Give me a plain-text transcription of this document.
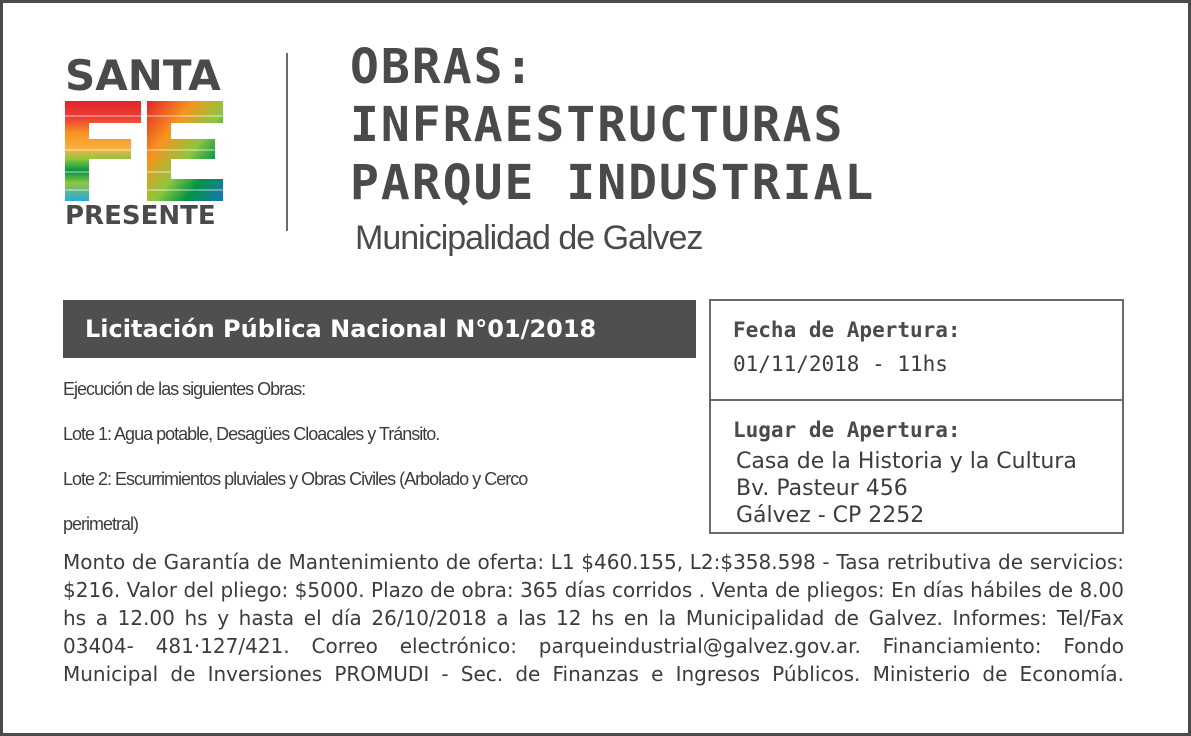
SANTA
PRESENTE
OBRAS:
INFRAESTRUCTURAS
PARQUE INDUSTRIAL
Municipalidad de Galvez
Licitación Pública Nacional N°01/2018
Ejecución de las siguientes Obras:
Lote 1: Agua potable, Desagües Cloacales y Tránsito.
Lote 2: Escurrimientos pluviales y Obras Civiles (Arbolado y Cerco
perimetral)
Fecha de Apertura:
01/11/2018 - 11hs
Lugar de Apertura:
Casa de la Historia y la Cultura
Bv. Pasteur 456
Gálvez - CP 2252
Monto de Garantía de Mantenimiento de oferta: L1 $460.155, L2:$358.598 - Tasa retributiva de servicios: $216. Valor del pliego: $5000. Plazo de obra: 365 días corridos . Venta de pliegos: En días hábiles de 8.00 hs a 12.00 hs y hasta el día 26/10/2018 a las 12 hs en la Municipalidad de Galvez. Informes: Tel/Fax 03404- 481·127/421. Correo electrónico: parqueindustrial@galvez.gov.ar. Financiamiento: Fondo Municipal de Inversiones PROMUDI - Sec. de Finanzas e Ingresos Públicos. Ministerio de Economía.
